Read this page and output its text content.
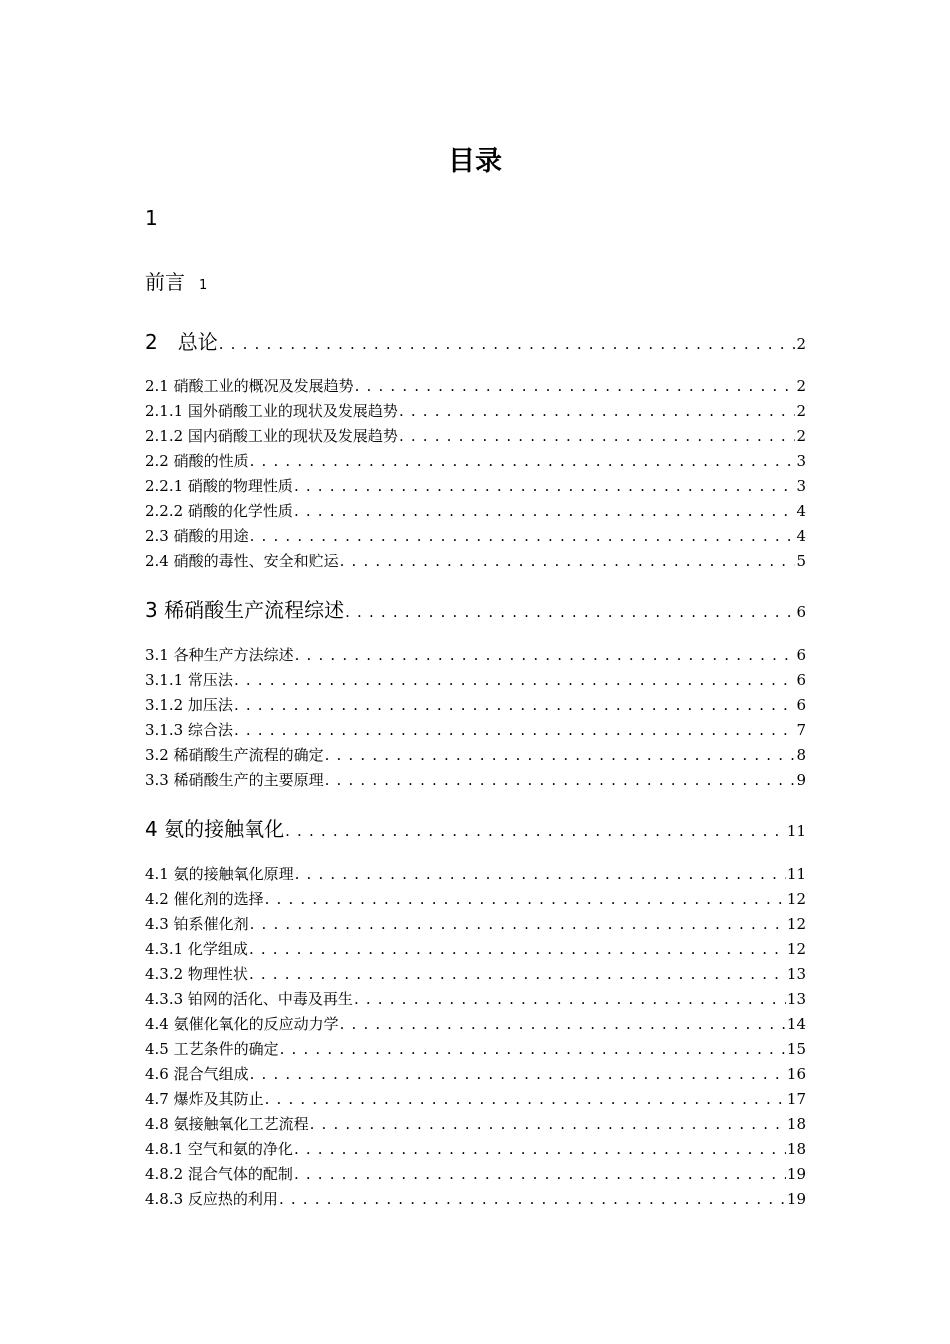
目录
1
前言 1
2　总论 . . .	2
2.1 硝酸工业的概况及发展趋势 . . .	2
2.1.1 国外硝酸工业的现状及发展趋势 . . .	2
2.1.2 国内硝酸工业的现状及发展趋势 . . .	2
2.2 硝酸的性质 . . .	3
2.2.1 硝酸的物理性质 . . .	3
2.2.2 硝酸的化学性质 . . .	4
2.3 硝酸的用途 . . .	4
2.4 硝酸的毒性、安全和贮运 . . .	5
3 稀硝酸生产流程综述 . . .	6
3.1 各种生产方法综述 . . .	6
3.1.1 常压法 . . .	6
3.1.2 加压法 . . .	6
3.1.3 综合法 . . .	7
3.2 稀硝酸生产流程的确定 . . .	8
3.3 稀硝酸生产的主要原理 . . .	9
4 氨的接触氧化 . . .	11
4.1 氨的接触氧化原理 . . .	11
4.2 催化剂的选择 . . .	12
4.3 铂系催化剂 . . .	12
4.3.1 化学组成 . . .	12
4.3.2 物理性状 . . .	13
4.3.3 铂网的活化、中毒及再生 . . .	13
4.4 氨催化氧化的反应动力学 . . .	14
4.5 工艺条件的确定 . . .	15
4.6 混合气组成 . . .	16
4.7 爆炸及其防止 . . .	17
4.8 氨接触氧化工艺流程 . . .	18
4.8.1 空气和氨的净化 . . .	18
4.8.2 混合气体的配制 . . .	19
4.8.3 反应热的利用 . . .	19
